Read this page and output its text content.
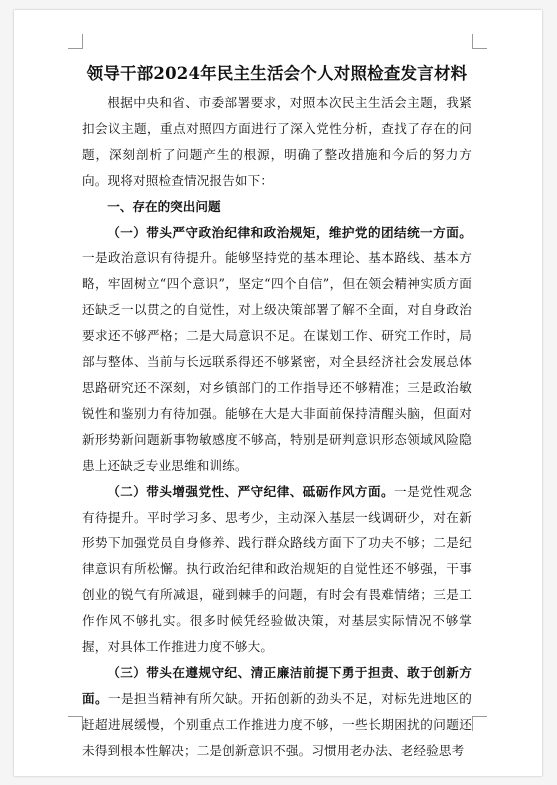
领导干部2024年民主生活会个人对照检查发言材料

根据中央和省、市委部署要求，对照本次民主生活会主题，我紧扣会议主题，重点对照四方面进行了深入党性分析，查找了存在的问题，深刻剖析了问题产生的根源，明确了整改措施和今后的努力方向。现将对照检查情况报告如下：

一、存在的突出问题

（一）带头严守政治纪律和政治规矩，维护党的团结统一方面。一是政治意识有待提升。能够坚持党的基本理论、基本路线、基本方略，牢固树立“四个意识”，坚定“四个自信”，但在领会精神实质方面还缺乏一以贯之的自觉性，对上级决策部署了解不全面，对自身政治要求还不够严格；二是大局意识不足。在谋划工作、研究工作时，局部与整体、当前与长远联系得还不够紧密，对全县经济社会发展总体思路研究还不深刻，对乡镇部门的工作指导还不够精准；三是政治敏锐性和鉴别力有待加强。能够在大是大非面前保持清醒头脑，但面对新形势新问题新事物敏感度不够高，特别是研判意识形态领域风险隐患上还缺乏专业思维和训练。

（二）带头增强党性、严守纪律、砥砺作风方面。一是党性观念有待提升。平时学习多、思考少，主动深入基层一线调研少，对在新形势下加强党员自身修养、践行群众路线方面下了功夫不够；二是纪律意识有所松懈。执行政治纪律和政治规矩的自觉性还不够强，干事创业的锐气有所减退，碰到棘手的问题，有时会有畏难情绪；三是工作作风不够扎实。很多时候凭经验做决策，对基层实际情况不够掌握，对具体工作推进力度不够大。

（三）带头在遵规守纪、清正廉洁前提下勇于担责、敢于创新方面。一是担当精神有所欠缺。开拓创新的劲头不足，对标先进地区的赶超进展缓慢，个别重点工作推进力度不够，一些长期困扰的问题还未得到根本性解决；二是创新意识不强。习惯用老办法、老经验思考
